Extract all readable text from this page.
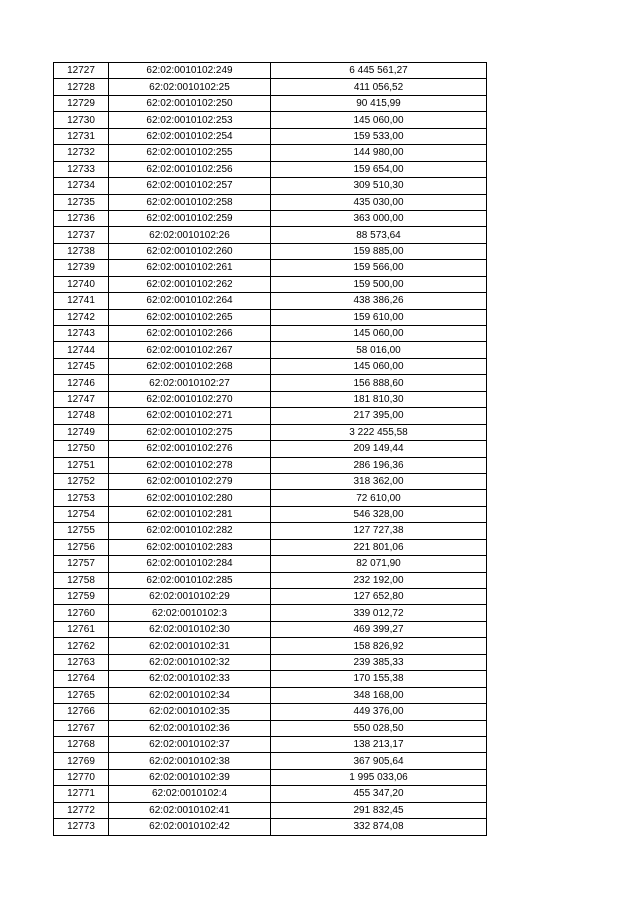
12727	62:02:0010102:249	6 445 561,27
12728	62:02:0010102:25	411 056,52
12729	62:02:0010102:250	90 415,99
12730	62:02:0010102:253	145 060,00
12731	62:02:0010102:254	159 533,00
12732	62:02:0010102:255	144 980,00
12733	62:02:0010102:256	159 654,00
12734	62:02:0010102:257	309 510,30
12735	62:02:0010102:258	435 030,00
12736	62:02:0010102:259	363 000,00
12737	62:02:0010102:26	88 573,64
12738	62:02:0010102:260	159 885,00
12739	62:02:0010102:261	159 566,00
12740	62:02:0010102:262	159 500,00
12741	62:02:0010102:264	438 386,26
12742	62:02:0010102:265	159 610,00
12743	62:02:0010102:266	145 060,00
12744	62:02:0010102:267	58 016,00
12745	62:02:0010102:268	145 060,00
12746	62:02:0010102:27	156 888,60
12747	62:02:0010102:270	181 810,30
12748	62:02:0010102:271	217 395,00
12749	62:02:0010102:275	3 222 455,58
12750	62:02:0010102:276	209 149,44
12751	62:02:0010102:278	286 196,36
12752	62:02:0010102:279	318 362,00
12753	62:02:0010102:280	72 610,00
12754	62:02:0010102:281	546 328,00
12755	62:02:0010102:282	127 727,38
12756	62:02:0010102:283	221 801,06
12757	62:02:0010102:284	82 071,90
12758	62:02:0010102:285	232 192,00
12759	62:02:0010102:29	127 652,80
12760	62:02:0010102:3	339 012,72
12761	62:02:0010102:30	469 399,27
12762	62:02:0010102:31	158 826,92
12763	62:02:0010102:32	239 385,33
12764	62:02:0010102:33	170 155,38
12765	62:02:0010102:34	348 168,00
12766	62:02:0010102:35	449 376,00
12767	62:02:0010102:36	550 028,50
12768	62:02:0010102:37	138 213,17
12769	62:02:0010102:38	367 905,64
12770	62:02:0010102:39	1 995 033,06
12771	62:02:0010102:4	455 347,20
12772	62:02:0010102:41	291 832,45
12773	62:02:0010102:42	332 874,08
